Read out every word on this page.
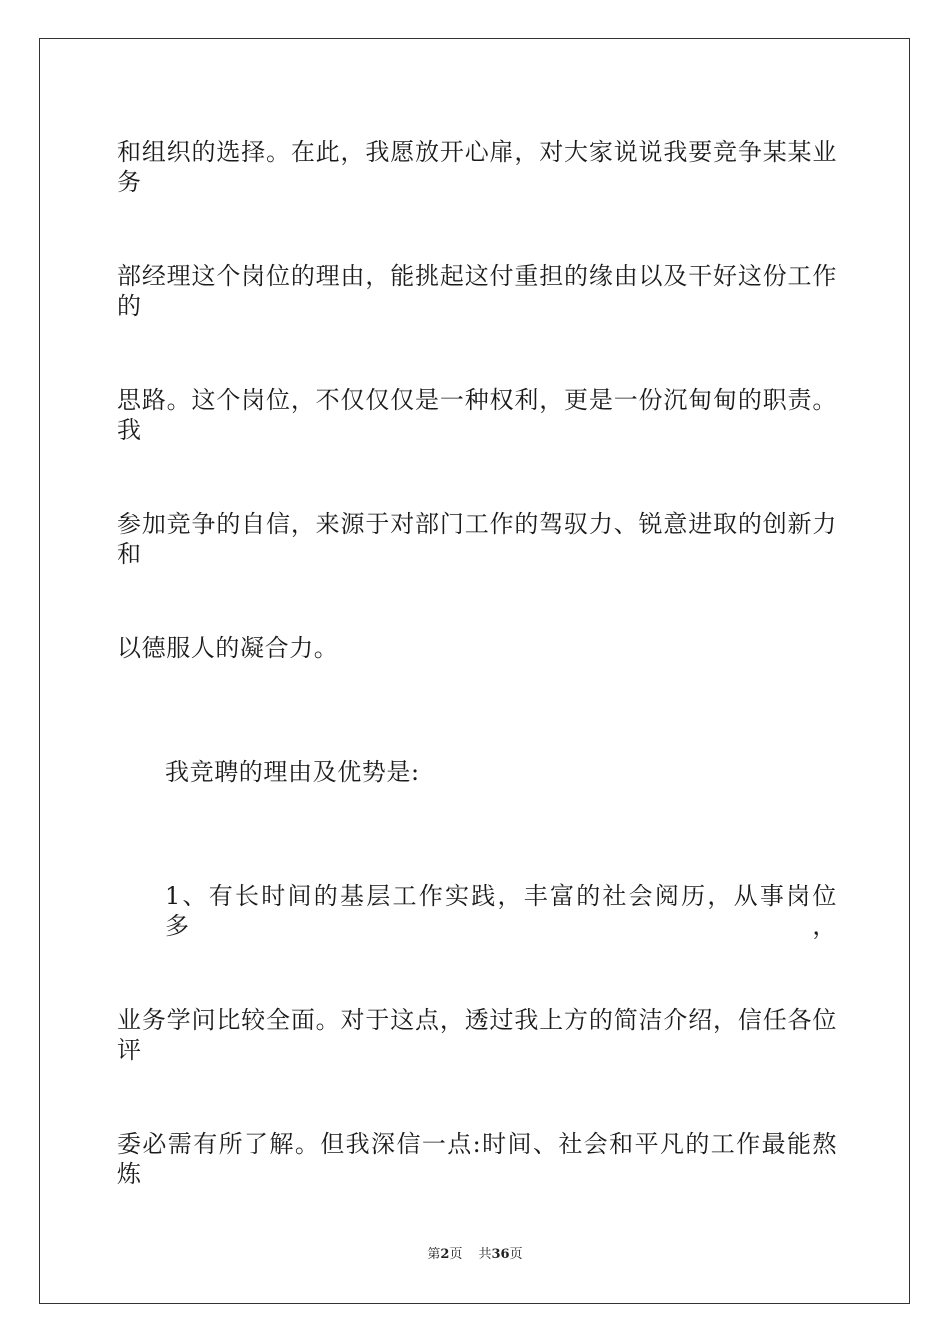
和组织的选择。在此，我愿放开心扉，对大家说说我要竞争某某业务
部经理这个岗位的理由，能挑起这付重担的缘由以及干好这份工作的
思路。这个岗位，不仅仅仅是一种权利，更是一份沉甸甸的职责。我
参加竞争的自信，来源于对部门工作的驾驭力、锐意进取的创新力和
以德服人的凝合力。
我竞聘的理由及优势是:
1、有长时间的基层工作实践，丰富的社会阅历，从事岗位多，
业务学问比较全面。对于这点，透过我上方的简洁介绍，信任各位评
委必需有所了解。但我深信一点:时间、社会和平凡的工作最能熬炼
第2页 共36页
